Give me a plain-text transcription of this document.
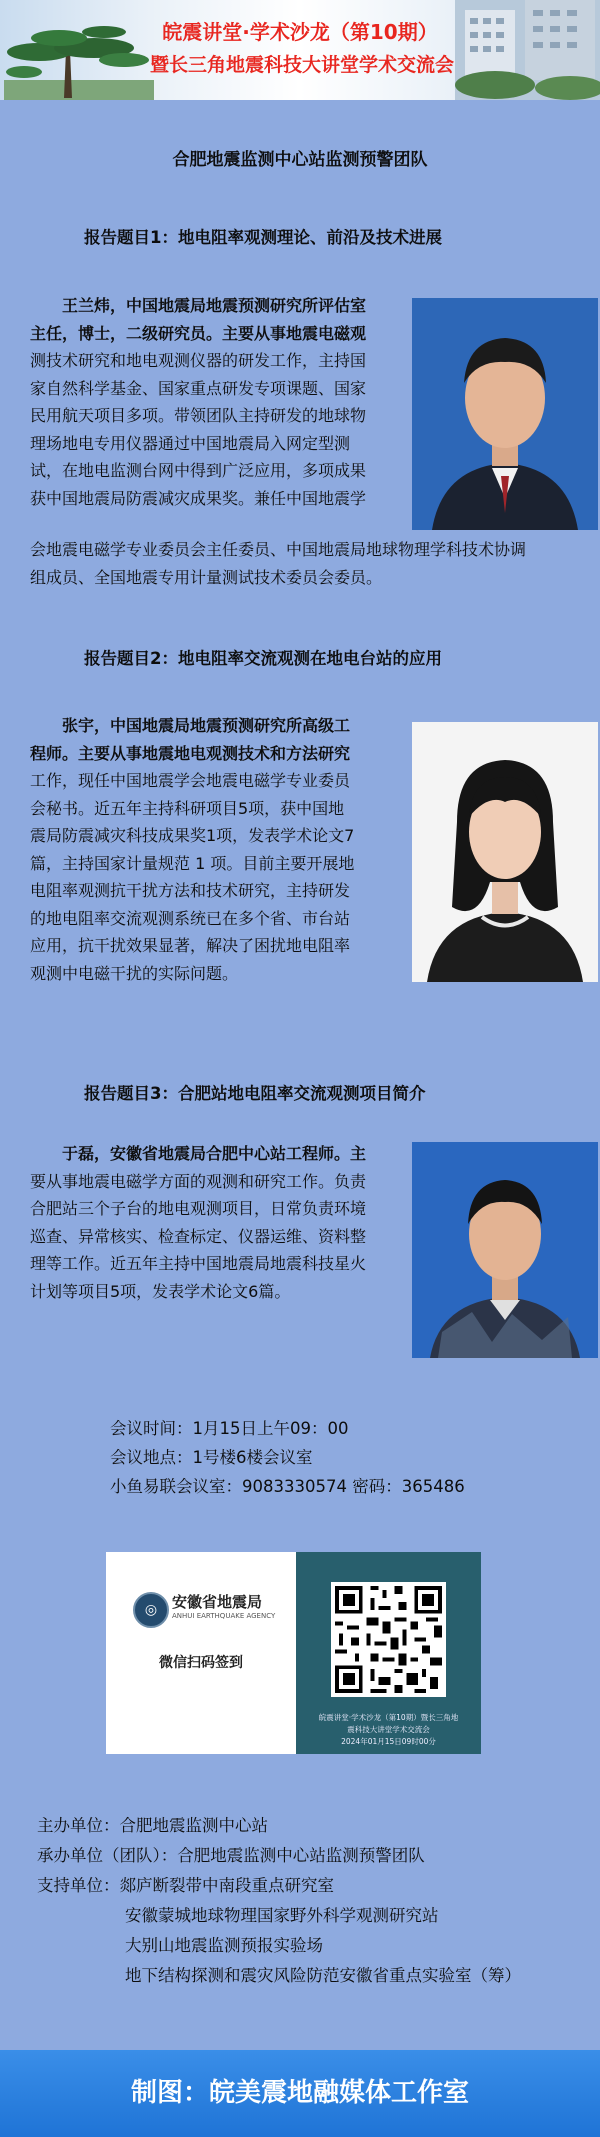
皖震讲堂·学术沙龙（第10期）
暨长三角地震科技大讲堂学术交流会
合肥地震监测中心站监测预警团队
报告题目1：地电阻率观测理论、前沿及技术进展

王兰炜，中国地震局地震预测研究所评估室
主任，博士，二级研究员。主要从事地震电磁观
测技术研究和地电观测仪器的研发工作，主持国
家自然科学基金、国家重点研发专项课题、国家
民用航天项目多项。带领团队主持研发的地球物
理场地电专用仪器通过中国地震局入网定型测
试，在地电监测台网中得到广泛应用，多项成果
获中国地震局防震减灾成果奖。兼任中国地震学

会地震电磁学专业委员会主任委员、中国地震局地球物理学科技术协调
组成员、全国地震专用计量测试技术委员会委员。

报告题目2：地电阻率交流观测在地电台站的应用

张宇，中国地震局地震预测研究所高级工
程师。主要从事地震地电观测技术和方法研究
工作，现任中国地震学会地震电磁学专业委员
会秘书。近五年主持科研项目5项，获中国地
震局防震减灾科技成果奖1项，发表学术论文7
篇，主持国家计量规范 1 项。目前主要开展地
电阻率观测抗干扰方法和技术研究，主持研发
的地电阻率交流观测系统已在多个省、市台站
应用，抗干扰效果显著，解决了困扰地电阻率
观测中电磁干扰的实际问题。

报告题目3：合肥站地电阻率交流观测项目简介

于磊，安徽省地震局合肥中心站工程师。主
要从事地震电磁学方面的观测和研究工作。负责
合肥站三个子台的地电观测项目，日常负责环境
巡查、异常核实、检查标定、仪器运维、资料整
理等工作。近五年主持中国地震局地震科技星火
计划等项目5项，发表学术论文6篇。

会议时间：1月15日上午09：00
会议地点：1号楼6楼会议室
小鱼易联会议室：9083330574 密码：365486
◎ 安徽省地震局
ANHUI EARTHQUAKE AGENCY
微信扫码签到
皖震讲堂·学术沙龙（第10期）暨长三角地
震科技大讲堂学术交流会
2024年01月15日09时00分
主办单位：合肥地震监测中心站
承办单位（团队）：合肥地震监测中心站监测预警团队
支持单位：郯庐断裂带中南段重点研究室
安徽蒙城地球物理国家野外科学观测研究站
大别山地震监测预报实验场
地下结构探测和震灾风险防范安徽省重点实验室（筹）
制图：皖美震地融媒体工作室
